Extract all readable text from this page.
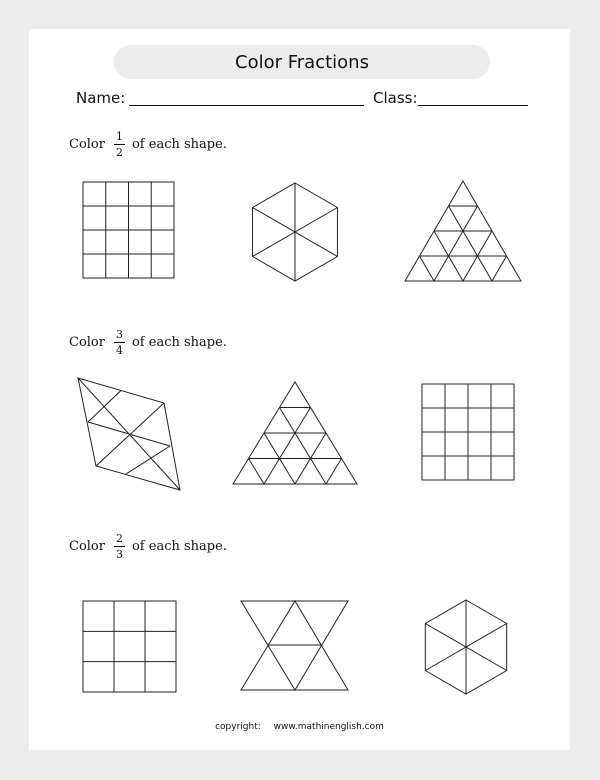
Color Fractions
Name:	Class:
Color $\frac{1}{2}$ of each shape.
Color $\frac{3}{4}$ of each shape.
Color $\frac{2}{3}$ of each shape.
copyright: www.mathinenglish.com
